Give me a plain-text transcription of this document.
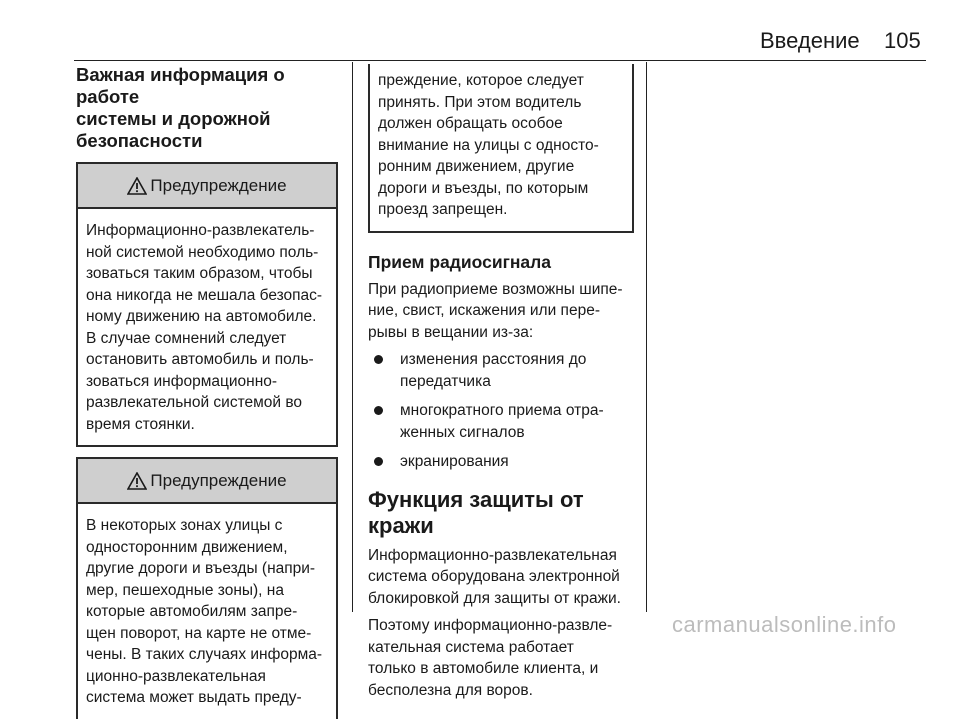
Введение 105
Важная информация о работе
системы и дорожной
безопасности
Предупреждение
Информационно-развлекатель-
ной системой необходимо поль-
зоваться таким образом, чтобы
она никогда не мешала безопас-
ному движению на автомобиле.
В случае сомнений следует
остановить автомобиль и поль-
зоваться информационно-
развлекательной системой во
время стоянки.
Предупреждение
В некоторых зонах улицы с
односторонним движением,
другие дороги и въезды (напри-
мер, пешеходные зоны), на
которые автомобилям запре-
щен поворот, на карте не отме-
чены. В таких случаях информа-
ционно-развлекательная
система может выдать преду-
преждение, которое следует
принять. При этом водитель
должен обращать особое
внимание на улицы с односто-
ронним движением, другие
дороги и въезды, по которым
проезд запрещен.
Прием радиосигнала
При радиоприеме возможны шипе-
ние, свист, искажения или пере-
рывы в вещании из-за:
изменения расстояния до
передатчика
многократного приема отра-
женных сигналов
экранирования
Функция защиты от кражи
Информационно-развлекательная
система оборудована электронной
блокировкой для защиты от кражи.
Поэтому информационно-развле-
кательная система работает
только в автомобиле клиента, и
бесполезна для воров.
carmanualsonline.info
